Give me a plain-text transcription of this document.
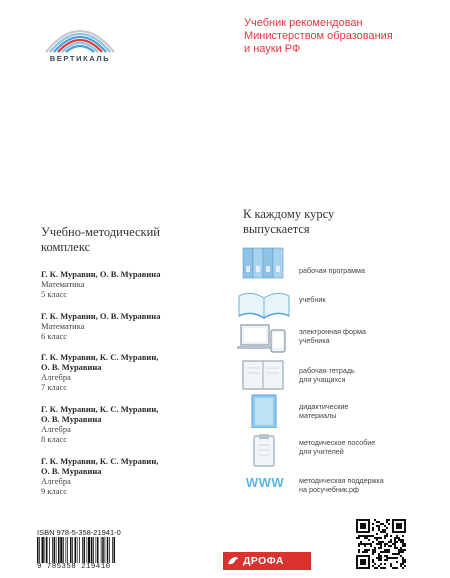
ВЕРТИКАЛЬ
Учебник рекомендован
Министерством образования
и науки РФ
Учебно-методический
комплекс
Г. К. Муравин, О. В. Муравина
Математика
5 класс
Г. К. Муравин, О. В. Муравина
Математика
6 класс
Г. К. Муравин, К. С. Муравин,
О. В. Муравина
Алгебра
7 класс
Г. К. Муравин, К. С. Муравин,
О. В. Муравина
Алгебра
8 класс
Г. К. Муравин, К. С. Муравин,
О. В. Муравина
Алгебра
9 класс
К каждому курсу
выпускается
рабочая программа
учебник
электронная форма
учебника
рабочая тетрадь
для учащихся
дидактические
материалы
методическое пособие
для учителей
WWW	методическая поддержка
на росучебник.рф
ISBN 978-5-358-21941-0
9 785358 219410	ДРОФА
